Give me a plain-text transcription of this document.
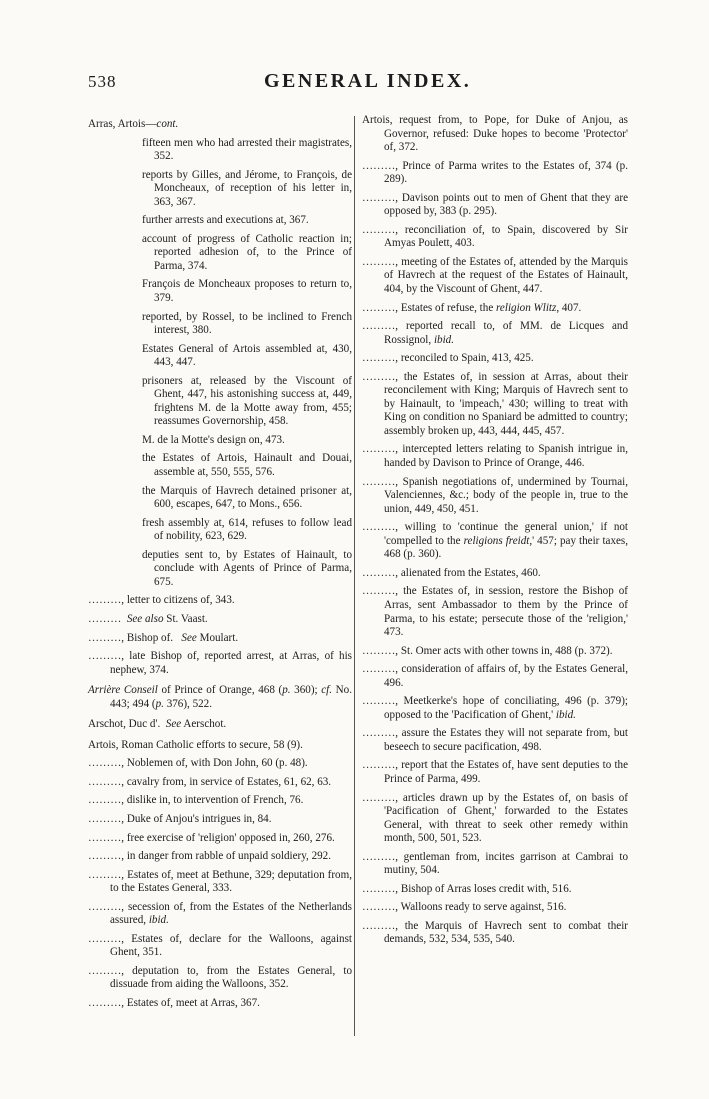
538	GENERAL INDEX.

Arras, Artois—cont.

fifteen men who had arrested their magistrates, 352.

reports by Gilles, and Jérome, to François, de Moncheaux, of reception of his letter in, 363, 367.

further arrests and executions at, 367.

account of progress of Catholic reaction in; reported adhesion of, to the Prince of Parma, 374.

François de Moncheaux proposes to return to, 379.

reported, by Rossel, to be inclined to French interest, 380.

Estates General of Artois assembled at, 430, 443, 447.

prisoners at, released by the Viscount of Ghent, 447, his astonishing success at, 449, frightens M. de la Motte away from, 455; reassumes Governorship, 458.

M. de la Motte's design on, 473.

the Estates of Artois, Hainault and Douai, assemble at, 550, 555, 576.

the Marquis of Havrech detained prisoner at, 600, escapes, 647, to Mons., 656.

fresh assembly at, 614, refuses to follow lead of nobility, 623, 629.

deputies sent to, by Estates of Hainault, to conclude with Agents of Prince of Parma, 675.

………, letter to citizens of, 343.

……… See also St. Vaast.

………, Bishop of. See Moulart.

………, late Bishop of, reported arrest, at Arras, of his nephew, 374.

Arrière Conseil of Prince of Orange, 468 (p. 360); cf. No. 443; 494 (p. 376), 522.

Arschot, Duc d'. See Aerschot.

Artois, Roman Catholic efforts to secure, 58 (9).

………, Noblemen of, with Don John, 60 (p. 48).

………, cavalry from, in service of Estates, 61, 62, 63.

………, dislike in, to intervention of French, 76.

………, Duke of Anjou's intrigues in, 84.

………, free exercise of 'religion' opposed in, 260, 276.

………, in danger from rabble of unpaid soldiery, 292.

………, Estates of, meet at Bethune, 329; deputation from, to the Estates General, 333.

………, secession of, from the Estates of the Netherlands assured, ibid.

………, Estates of, declare for the Walloons, against Ghent, 351.

………, deputation to, from the Estates General, to dissuade from aiding the Walloons, 352.

………, Estates of, meet at Arras, 367.

Artois, request from, to Pope, for Duke of Anjou, as Governor, refused: Duke hopes to become 'Protector' of, 372.

………, Prince of Parma writes to the Estates of, 374 (p. 289).

………, Davison points out to men of Ghent that they are opposed by, 383 (p. 295).

………, reconciliation of, to Spain, discovered by Sir Amyas Poulett, 403.

………, meeting of the Estates of, attended by the Marquis of Havrech at the request of the Estates of Hainault, 404, by the Viscount of Ghent, 447.

………, Estates of refuse, the religion Wlitz, 407.

………, reported recall to, of MM. de Licques and Rossignol, ibid.

………, reconciled to Spain, 413, 425.

………, the Estates of, in session at Arras, about their reconcilement with King; Marquis of Havrech sent to by Hainault, to 'impeach,' 430; willing to treat with King on condition no Spaniard be admitted to country; assembly broken up, 443, 444, 445, 457.

………, intercepted letters relating to Spanish intrigue in, handed by Davison to Prince of Orange, 446.

………, Spanish negotiations of, undermined by Tournai, Valenciennes, &c.; body of the people in, true to the union, 449, 450, 451.

………, willing to 'continue the general union,' if not 'compelled to the religions freidt,' 457; pay their taxes, 468 (p. 360).

………, alienated from the Estates, 460.

………, the Estates of, in session, restore the Bishop of Arras, sent Ambassador to them by the Prince of Parma, to his estate; persecute those of the 'religion,' 473.

………, St. Omer acts with other towns in, 488 (p. 372).

………, consideration of affairs of, by the Estates General, 496.

………, Meetkerke's hope of conciliating, 496 (p. 379); opposed to the 'Pacification of Ghent,' ibid.

………, assure the Estates they will not separate from, but beseech to secure pacification, 498.

………, report that the Estates of, have sent deputies to the Prince of Parma, 499.

………, articles drawn up by the Estates of, on basis of 'Pacification of Ghent,' forwarded to the Estates General, with threat to seek other remedy within month, 500, 501, 523.

………, gentleman from, incites garrison at Cambrai to mutiny, 504.

………, Bishop of Arras loses credit with, 516.

………, Walloons ready to serve against, 516.

………, the Marquis of Havrech sent to combat their demands, 532, 534, 535, 540.
